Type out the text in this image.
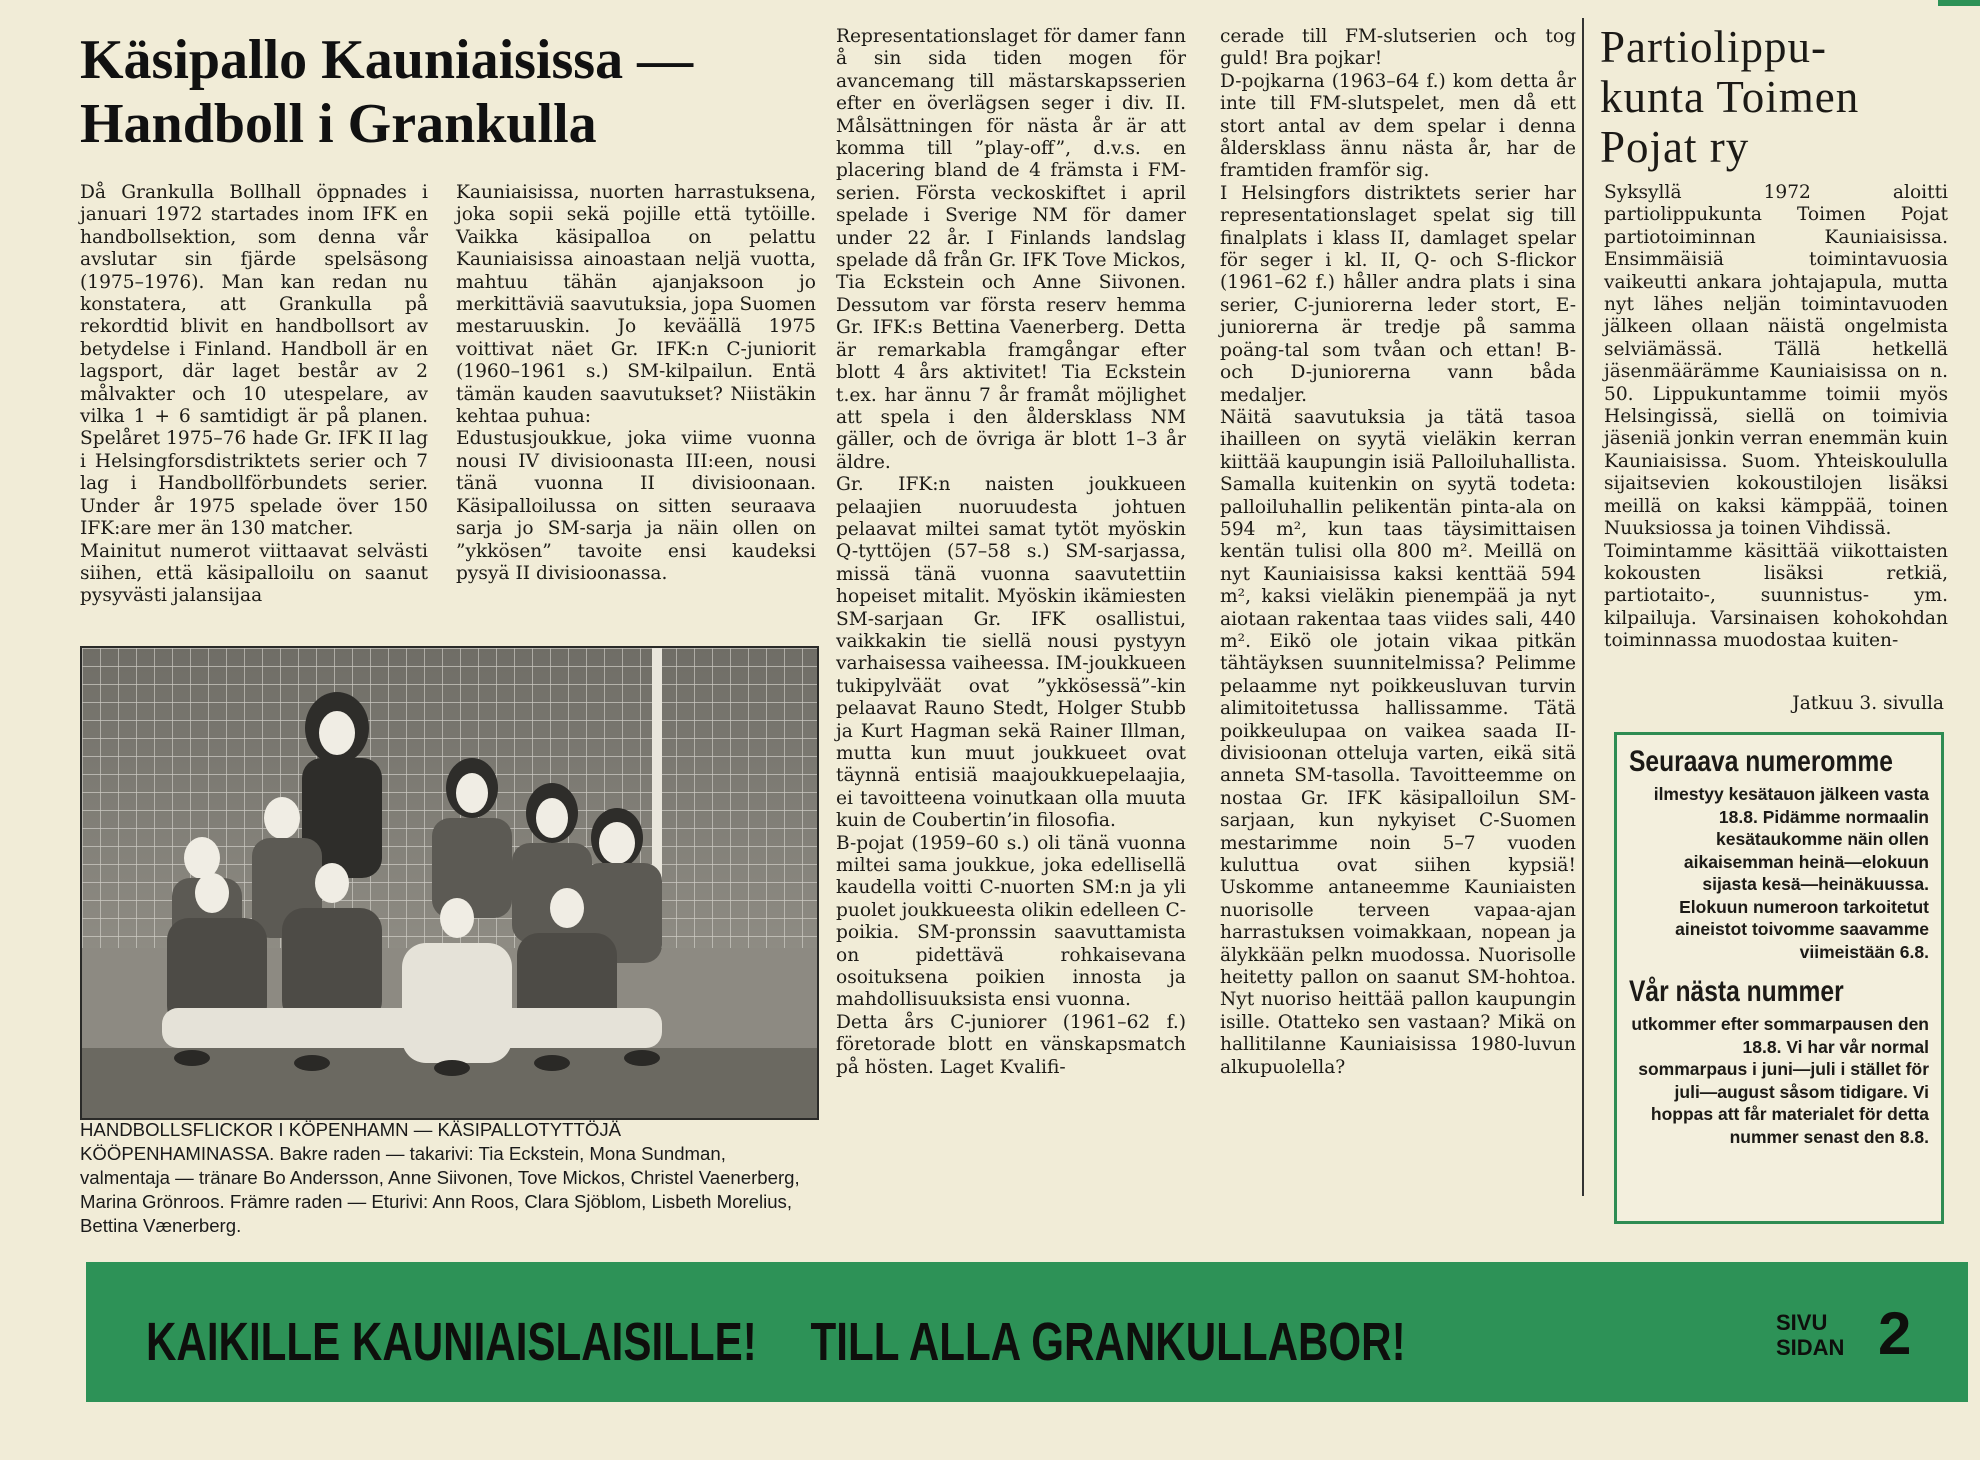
Käsipallo Kauniaisissa —
Handboll i Grankulla
Då Grankulla Bollhall öppnades i januari 1972 startades inom IFK en handbollsektion, som denna vår avslutar sin fjärde spelsäsong (1975–1976). Man kan redan nu konstatera, att Grankulla på rekordtid blivit en handbollsort av betydelse i Finland. Handboll är en lagsport, där laget består av 2 målvakter och 10 utespelare, av vilka 1 + 6 samtidigt är på planen. Spelåret 1975–76 hade Gr. IFK II lag i Helsingforsdistriktets serier och 7 lag i Handbollförbundets serier. Under år 1975 spelade över 150 IFK:are mer än 130 matcher.
Mainitut numerot viittaavat selvästi siihen, että käsipalloilu on saanut pysyvästi jalansijaa
Kauniaisissa, nuorten harrastuksena, joka sopii sekä pojille että tytöille. Vaikka käsipalloa on pelattu Kauniaisissa ainoastaan neljä vuotta, mahtuu tähän ajanjaksoon jo merkittäviä saavutuksia, jopa Suomen mestaruuskin. Jo keväällä 1975 voittivat näet Gr. IFK:n C-juniorit (1960–1961 s.) SM-kilpailun. Entä tämän kauden saavutukset? Niistäkin kehtaa puhua:
Edustusjoukkue, joka viime vuonna nousi IV divisioonasta III:een, nousi tänä vuonna II divisioonaan. Käsipalloilussa on sitten seuraava sarja jo SM-sarja ja näin ollen on ”ykkösen” tavoite ensi kaudeksi pysyä II divisioonassa.
Representationslaget för damer fann å sin sida tiden mogen för avancemang till mästarskapsserien efter en överlägsen seger i div. II. Målsättningen för nästa år är att komma till ”play-off”, d.v.s. en placering bland de 4 främsta i FM-serien. Första veckoskiftet i april spelade i Sverige NM för damer under 22 år. I Finlands landslag spelade då från Gr. IFK Tove Mickos, Tia Eckstein och Anne Siivonen. Dessutom var första reserv hemma Gr. IFK:s Bettina Vaenerberg. Detta är remarkabla framgångar efter blott 4 års aktivitet! Tia Eckstein t.ex. har ännu 7 år framåt möjlighet att spela i den åldersklass NM gäller, och de övriga är blott 1–3 år äldre.
Gr. IFK:n naisten joukkueen pelaajien nuoruudesta johtuen pelaavat miltei samat tytöt myöskin Q-tyttöjen (57–58 s.) SM-sarjassa, missä tänä vuonna saavutettiin hopeiset mitalit. Myöskin ikämiesten SM-sarjaan Gr. IFK osallistui, vaikkakin tie siellä nousi pystyyn varhaisessa vaiheessa. IM-joukkueen tukipylväät ovat ”ykkösessä”-kin pelaavat Rauno Stedt, Holger Stubb ja Kurt Hagman sekä Rainer Illman, mutta kun muut joukkueet ovat täynnä entisiä maajoukkuepelaajia, ei tavoitteena voinutkaan olla muuta kuin de Coubertin’in filosofia.
B-pojat (1959–60 s.) oli tänä vuonna miltei sama joukkue, joka edellisellä kaudella voitti C-nuorten SM:n ja yli puolet joukkueesta olikin edelleen C-poikia. SM-pronssin saavuttamista on pidettävä rohkaisevana osoituksena poikien innosta ja mahdollisuuksista ensi vuonna.
Detta års C-juniorer (1961–62 f.) företorade blott en vänskapsmatch på hösten. Laget Kvalifi-
cerade till FM-slutserien och tog guld! Bra pojkar!
D-pojkarna (1963–64 f.) kom detta år inte till FM-slutspelet, men då ett stort antal av dem spelar i denna åldersklass ännu nästa år, har de framtiden framför sig.
I Helsingfors distriktets serier har representationslaget spelat sig till finalplats i klass II, damlaget spelar för seger i kl. II, Q- och S-flickor (1961–62 f.) håller andra plats i sina serier, C-juniorerna leder stort, E-juniorerna är tredje på samma poäng-tal som tvåan och ettan! B- och D-juniorerna vann båda medaljer.
Näitä saavutuksia ja tätä tasoa ihailleen on syytä vieläkin kerran kiittää kaupungin isiä Palloiluhallista. Samalla kuitenkin on syytä todeta: palloiluhallin pelikentän pinta-ala on 594 m², kun taas täysimittaisen kentän tulisi olla 800 m². Meillä on nyt Kauniaisissa kaksi kenttää 594 m², kaksi vieläkin pienempää ja nyt aiotaan rakentaa taas viides sali, 440 m². Eikö ole jotain vikaa pitkän tähtäyksen suunnitelmissa? Pelimme pelaamme nyt poikkeusluvan turvin alimitoitetussa hallissamme. Tätä poikkeulupaa on vaikea saada II-divisioonan otteluja varten, eikä sitä anneta SM-tasolla. Tavoitteemme on nostaa Gr. IFK käsipalloilun SM-sarjaan, kun nykyiset C-Suomen mestarimme noin 5–7 vuoden kuluttua ovat siihen kypsiä! Uskomme antaneemme Kauniaisten nuorisolle terveen vapaa-ajan harrastuksen voimakkaan, nopean ja älykkään pelkn muodossa. Nuorisolle heitetty pallon on saanut SM-hohtoa. Nyt nuoriso heittää pallon kaupungin isille. Otatteko sen vastaan? Mikä on hallitilanne Kauniaisissa 1980-luvun alkupuolella?
HANDBOLLSFLICKOR I KÖPENHAMN — KÄSIPALLOTYTTÖJÄ KÖÖPENHAMINASSA. Bakre raden — takarivi: Tia Eckstein, Mona Sundman, valmentaja — tränare Bo Andersson, Anne Siivonen, Tove Mickos, Christel Vaenerberg, Marina Grönroos. Främre raden — Eturivi: Ann Roos, Clara Sjöblom, Lisbeth Morelius, Bettina Vænerberg.
Partiolippu-
kunta Toimen
Pojat ry
Syksyllä 1972 aloitti partiolippukunta Toimen Pojat partiotoiminnan Kauniaisissa. Ensimmäisiä toimintavuosia vaikeutti ankara johtajapula, mutta nyt lähes neljän toimintavuoden jälkeen ollaan näistä ongelmista selviämässä. Tällä hetkellä jäsenmäärämme Kauniaisissa on n. 50. Lippukuntamme toimii myös Helsingissä, siellä on toimivia jäseniä jonkin verran enemmän kuin Kauniaisissa. Suom. Yhteiskoululla sijaitsevien kokoustilojen lisäksi meillä on kaksi kämppää, toinen Nuuksiossa ja toinen Vihdissä.
Toimintamme käsittää viikottaisten kokousten lisäksi retkiä, partiotaito-, suunnistus- ym. kilpailuja. Varsinaisen kohokohdan toiminnassa muodostaa kuiten-
Jatkuu 3. sivulla
Seuraava numeromme

ilmestyy kesätauon jälkeen vasta 18.8. Pidämme normaalin kesätaukomme näin ollen aikaisemman heinä—elokuun sijasta kesä—heinäkuussa. Elokuun numeroon tarkoitetut aineistot toivomme saavamme viimeistään 6.8.

Vår nästa nummer

utkommer efter sommarpausen den 18.8. Vi har vår normal sommarpaus i juni—juli i stället för juli—august såsom tidigare. Vi hoppas att får materialet för detta nummer senast den 8.8.

KAIKILLE KAUNIAISLAISILLE! TILL ALLA GRANKULLABOR!	SIVU
SIDAN 2
